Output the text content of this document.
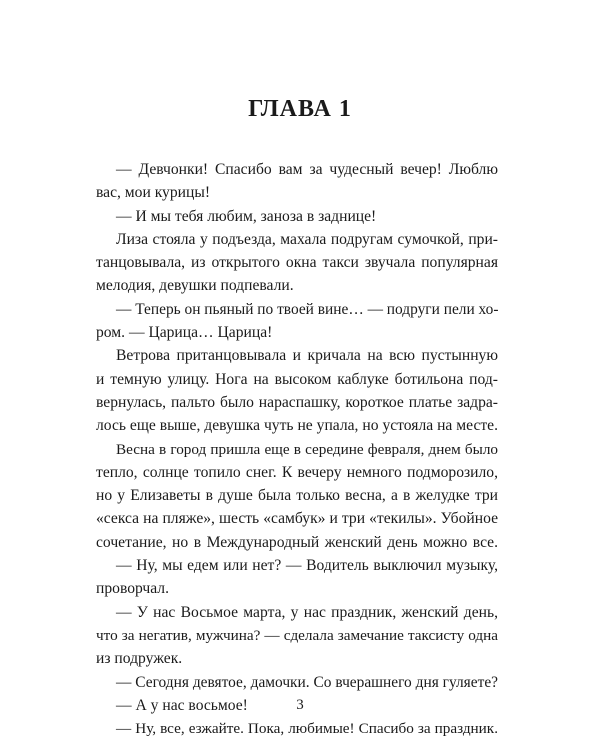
ГЛАВА 1
— Девчонки! Спасибо вам за чудесный вечер! Люблю
вас, мои курицы!
— И мы тебя любим, заноза в заднице!
Лиза стояла у подъезда, махала подругам сумочкой, при-
танцовывала, из открытого окна такси звучала популярная
мелодия, девушки подпевали.
— Теперь он пьяный по твоей вине… — подруги пели хо-
ром. — Царица… Царица!
Ветрова пританцовывала и кричала на всю пустынную
и темную улицу. Нога на высоком каблуке ботильона под-
вернулась, пальто было нараспашку, короткое платье задра-
лось еще выше, девушка чуть не упала, но устояла на месте.
Весна в город пришла еще в середине февраля, днем было
тепло, солнце топило снег. К вечеру немного подморозило,
но у Елизаветы в душе была только весна, а в желудке три
«секса на пляже», шесть «самбук» и три «текилы». Убойное
сочетание, но в Международный женский день можно все.
— Ну, мы едем или нет? — Водитель выключил музыку,
проворчал.
— У нас Восьмое марта, у нас праздник, женский день,
что за негатив, мужчина? — сделала замечание таксисту одна
из подружек.
— Сегодня девятое, дамочки. Со вчерашнего дня гуляете?
— А у нас восьмое!
— Ну, все, езжайте. Пока, любимые! Спасибо за праздник.
3
